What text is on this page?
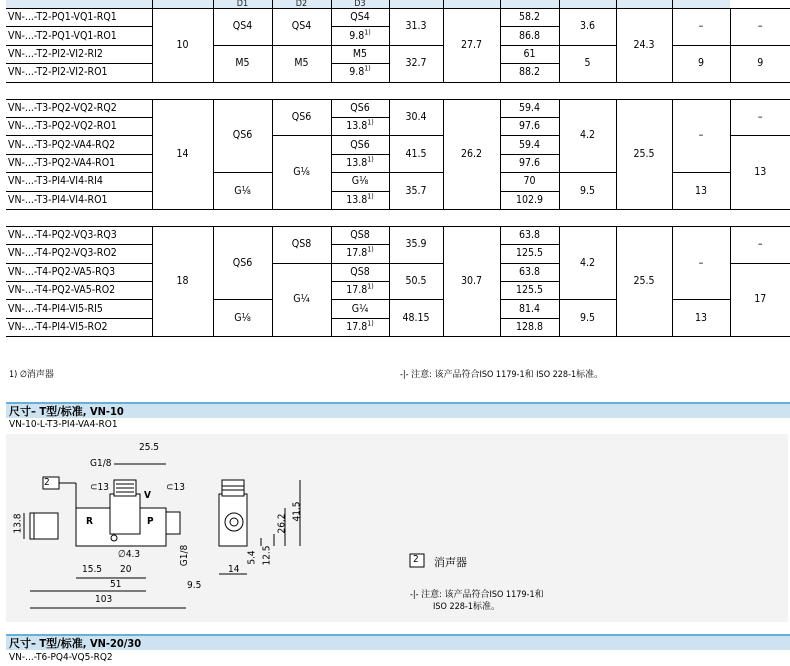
		D1	D2	D3							
VN-...-T2-PQ1-VQ1-RQ1	10	QS4	QS4	QS4	31.3	27.7	58.2	3.6	24.3	–	–
VN-...-T2-PQ1-VQ1-RO1				9.8$^{1)}$			86.8				
VN-...-T2-PI2-VI2-RI2		M5	M5	M5	32.7		61	5		9	9
VN-...-T2-PI2-VI2-RO1				9.8$^{1)}$			88.2				

VN-...-T3-PQ2-VQ2-RQ2	14	QS6	QS6	QS6	30.4	26.2	59.4	4.2	25.5	–	–
VN-...-T3-PQ2-VQ2-RO1				13.8$^{1)}$			97.6				
VN-...-T3-PQ2-VA4-RQ2			G⅛	QS6	41.5		59.4				13
VN-...-T3-PQ2-VA4-RO1				13.8$^{1)}$			97.6				
VN-...-T3-PI4-VI4-RI4		G⅛		G⅛	35.7		70	9.5		13	
VN-...-T3-PI4-VI4-RO1				13.8$^{1)}$			102.9				

VN-...-T4-PQ2-VQ3-RQ3	18	QS6	QS8	QS8	35.9	30.7	63.8	4.2	25.5	–	–
VN-...-T4-PQ2-VQ3-RO2				17.8$^{1)}$			125.5				
VN-...-T4-PQ2-VA5-RQ3			G¼	QS8	50.5		63.8				17
VN-...-T4-PQ2-VA5-RO2				17.8$^{1)}$			125.5				
VN-...-T4-PI4-VI5-RI5		G⅛		G¼	48.15		81.4	9.5		13	
VN-...-T4-PI4-VI5-RO2				17.8$^{1)}$			128.8				
1) ∅消声器	-|- 注意: 该产品符合ISO 1179-1和 ISO 228-1标准。
尺寸– T型/标准, VN-10
VN-10-L-T3-PI4-VA4-RO1
2
25.5
G1/8
⊂13
V
⊂13
13.8	R	P
∅4.3
15.5 20
51
103
G1/8
9.5
14
5.4 12.5
26.2
41.5
2 消声器
-|- 注意: 该产品符合ISO 1179-1和
ISO 228-1标准。
尺寸– T型/标准, VN-20/30
VN-...-T6-PQ4-VQ5-RQ2
